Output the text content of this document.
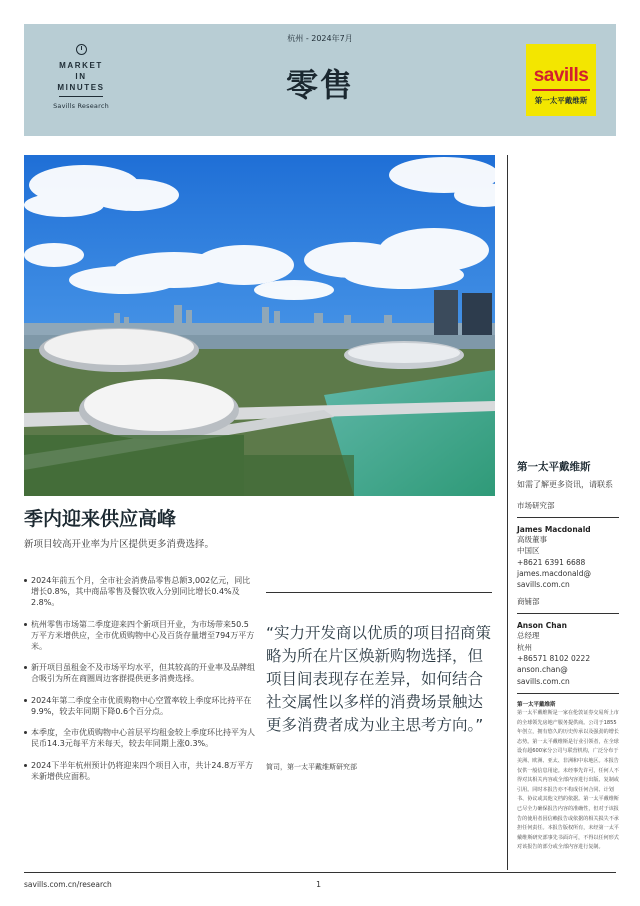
MARKET
IN
MINUTES
Savills Research
杭州 - 2024年7月
零售	savills
第一太平戴维斯
季内迎来供应高峰
新项目较高开业率为片区提供更多消费选择。
2024年前五个月，全市社会消费品零售总额3,002亿元，同比增长0.8%，其中商品零售及餐饮收入分别同比增长0.4%及2.8%。
杭州零售市场第二季度迎来四个新项目开业，为市场带来50.5万平方米增供应，全市优质购物中心及百货存量增至794万平方米。
新开项目虽租金不及市场平均水平，但其较高的开业率及品牌组合吸引为所在商圈周边客群提供更多消费选择。
2024年第二季度全市优质购物中心空置率较上季度环比持平在9.9%，较去年同期下降0.6个百分点。
本季度，全市优质购物中心首层平均租金较上季度环比持平为人民币14.3元每平方米每天，较去年同期上涨0.3%。
2024下半年杭州预计仍将迎来四个项目入市，共计24.8万平方米新增供应面积。
“实力开发商以优质的项目招商策略为所在片区焕新购物选择，但项目间表现存在差异，如何结合社交属性以多样的消费场景触达更多消费者成为业主思考方向。”
简司，第一太平戴维斯研究部
第一太平戴维斯
如需了解更多资讯，请联系
市场研究部
James Macdonald
高级董事
中国区
+8621 6391 6688
james.macdonald@
savills.com.cn
商铺部
Anson Chan
总经理
杭州
+86571 8102 0222
anson.chan@
savills.com.cn
第一太平戴维斯
第一太平戴维斯是一家在伦敦证券交易所上市的全球领先房地产服务提供商。公司于1855年创立，拥有悠久的历史传承以及强劲的增长态势。第一太平戴维斯是行业引领者，在全球设有超600家分公司与联营机构，广泛分布于美洲、欧洲、亚太、非洲和中东地区。本报告仅供一般信息用途。未经事先许可，任何人不得对其相关内容或全部内容进行出版、复制或引用。同时本报告亦不构成任何合同、计划书、协议或其他文档的依据。第一太平戴维斯已尽全力确保报告内容的准确性，但对于该报告的使用者因信赖报告或依据的相关损失不承担任何责任。本报告版权所有，未经第一太平戴维斯研究部事先书面许可，不得以任何形式对该报告的部分或全部内容进行复制。
savills.com.cn/research	1
